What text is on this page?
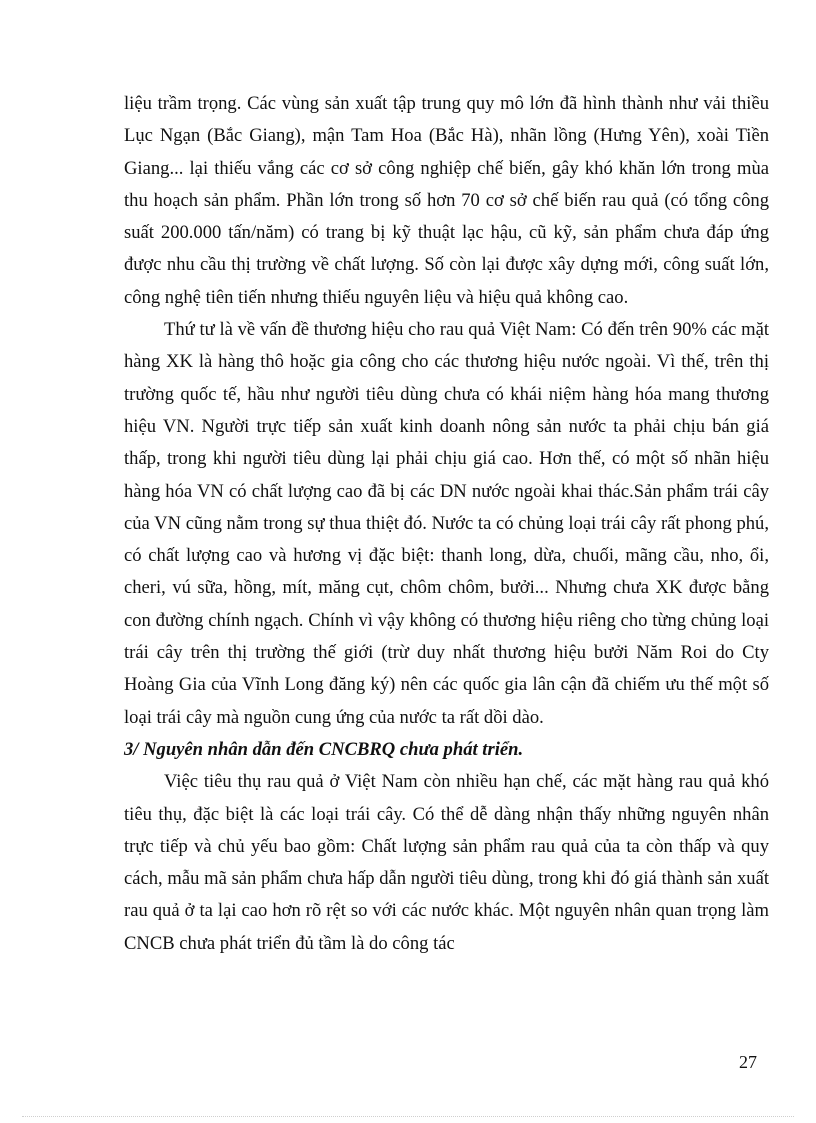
liệu trầm trọng. Các vùng sản xuất tập trung quy mô lớn đã hình thành như vải thiều Lục Ngạn (Bắc Giang), mận Tam Hoa (Bắc Hà), nhãn lồng (Hưng Yên), xoài Tiền Giang... lại thiếu vắng các cơ sở công nghiệp chế biến, gây khó khăn lớn trong mùa thu hoạch sản phẩm. Phần lớn trong số hơn 70 cơ sở chế biến rau quả (có tổng công suất 200.000 tấn/năm) có trang bị kỹ thuật lạc hậu, cũ kỹ, sản phẩm chưa đáp ứng được nhu cầu thị trường về chất lượng. Số còn lại được xây dựng mới, công suất lớn, công nghệ tiên tiến nhưng thiếu nguyên liệu và hiệu quả không cao.

Thứ tư là về vấn đề thương hiệu cho rau quả Việt Nam: Có đến trên 90% các mặt hàng XK là hàng thô hoặc gia công cho các thương hiệu nước ngoài. Vì thế, trên thị trường quốc tế, hầu như người tiêu dùng chưa có khái niệm hàng hóa mang thương hiệu VN. Người trực tiếp sản xuất kinh doanh nông sản nước ta phải chịu bán giá thấp, trong khi người tiêu dùng lại phải chịu giá cao. Hơn thế, có một số nhãn hiệu hàng hóa VN có chất lượng cao đã bị các DN nước ngoài khai thác.Sản phẩm trái cây của VN cũng nằm trong sự thua thiệt đó. Nước ta có chủng loại trái cây rất phong phú, có chất lượng cao và hương vị đặc biệt: thanh long, dừa, chuối, mãng cầu, nho, ổi, cheri, vú sữa, hồng, mít, măng cụt, chôm chôm, bưởi... Nhưng chưa XK được bằng con đường chính ngạch. Chính vì vậy không có thương hiệu riêng cho từng chủng loại trái cây trên thị trường thế giới (trừ duy nhất thương hiệu bưởi Năm Roi do Cty Hoàng Gia của Vĩnh Long đăng ký) nên các quốc gia lân cận đã chiếm ưu thế một số loại trái cây mà nguồn cung ứng của nước ta rất dồi dào.

3/ Nguyên nhân dẫn đến CNCBRQ chưa phát triển.

Việc tiêu thụ rau quả ở Việt Nam còn nhiều hạn chế, các mặt hàng rau quả khó tiêu thụ, đặc biệt là các loại trái cây. Có thể dễ dàng nhận thấy những nguyên nhân trực tiếp và chủ yếu bao gồm: Chất lượng sản phẩm rau quả của ta còn thấp và quy cách, mẫu mã sản phẩm chưa hấp dẫn người tiêu dùng, trong khi đó giá thành sản xuất rau quả ở ta lại cao hơn rõ rệt so với các nước khác. Một nguyên nhân quan trọng làm CNCB chưa phát triển đủ tầm là do công tác

27
